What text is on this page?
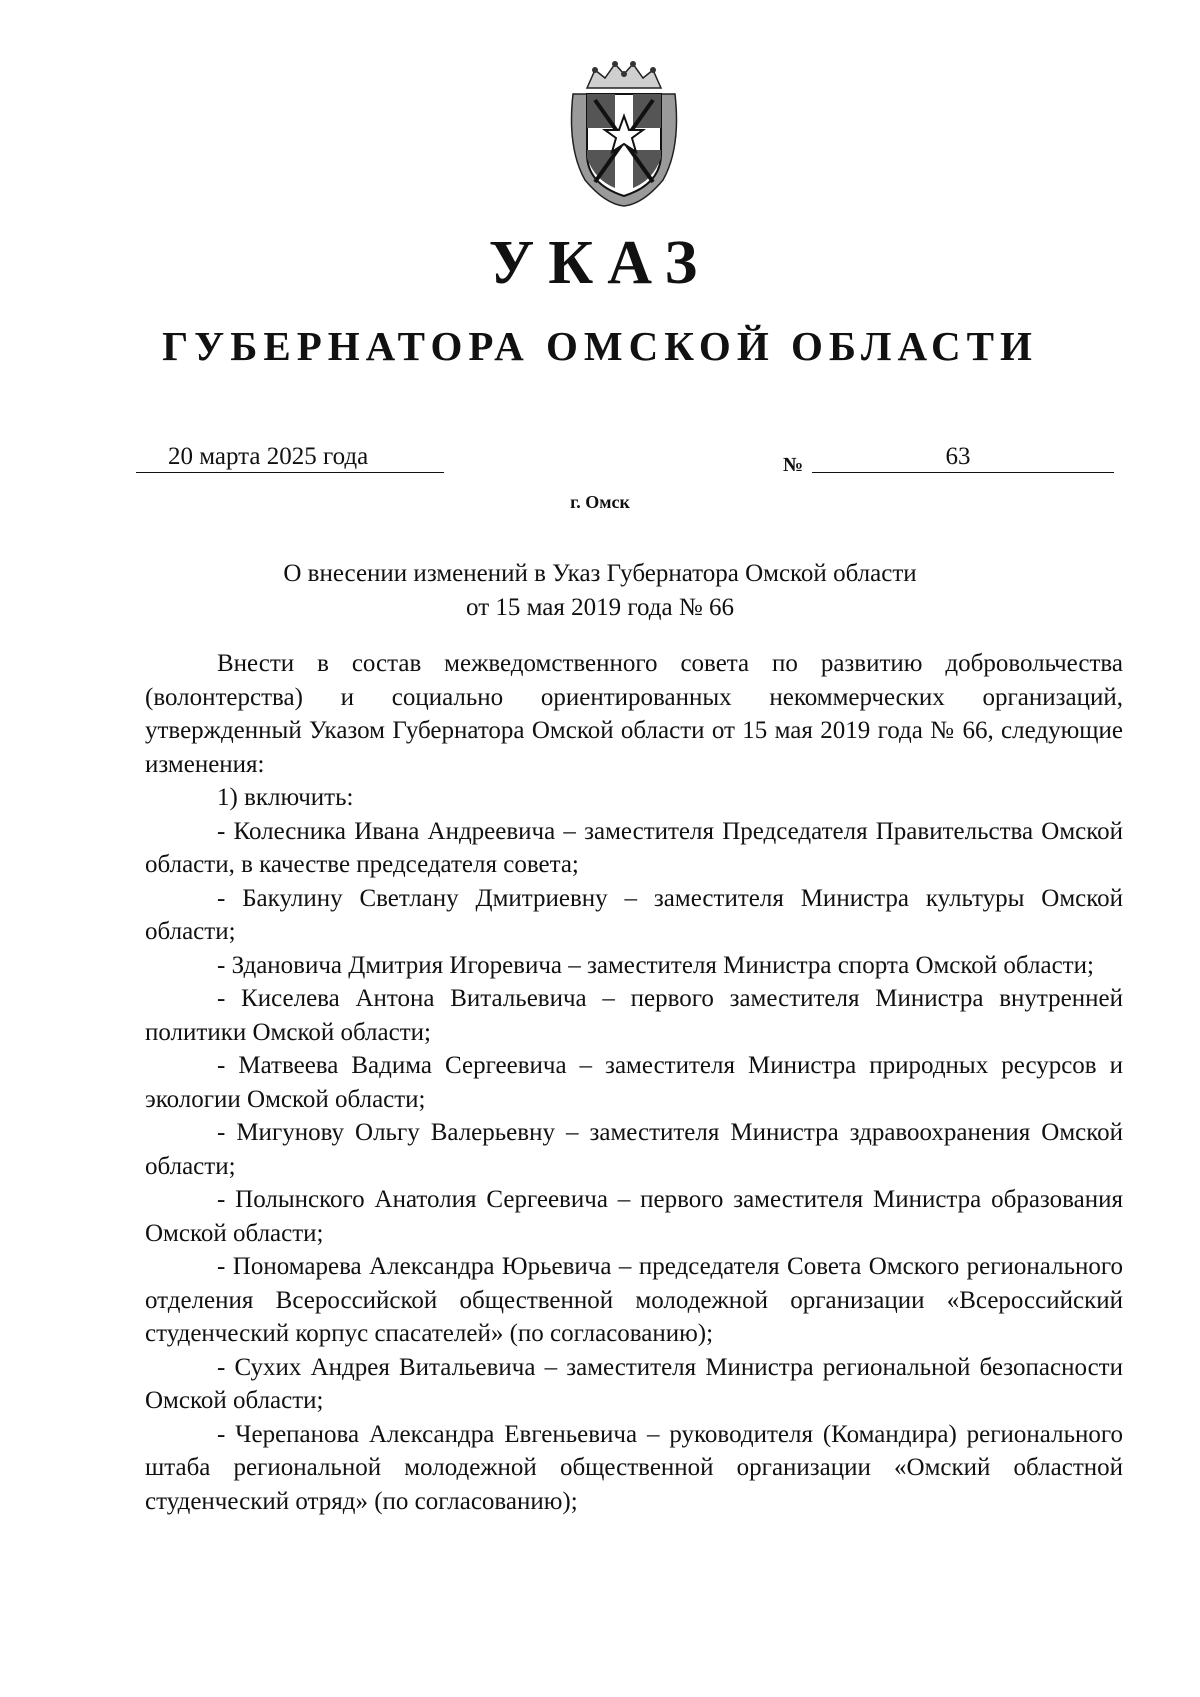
УКАЗ
ГУБЕРНАТОРА ОМСКОЙ ОБЛАСТИ
20 марта 2025 года	№	63
г. Омск
О внесении изменений в Указ Губернатора Омской области
от 15 мая 2019 года № 66

Внести в состав межведомственного совета по развитию добровольчества (волонтерства) и социально ориентированных некоммерческих организаций, утвержденный Указом Губернатора Омской области от 15 мая 2019 года № 66, следующие изменения:

1) включить:

- Колесника Ивана Андреевича – заместителя Председателя Правительства Омской области, в качестве председателя совета;

- Бакулину Светлану Дмитриевну – заместителя Министра культуры Омской области;

- Здановича Дмитрия Игоревича – заместителя Министра спорта Омской области;

- Киселева Антона Витальевича – первого заместителя Министра внутренней политики Омской области;

- Матвеева Вадима Сергеевича – заместителя Министра природных ресурсов и экологии Омской области;

- Мигунову Ольгу Валерьевну – заместителя Министра здравоохранения Омской области;

- Полынского Анатолия Сергеевича – первого заместителя Министра образования Омской области;

- Пономарева Александра Юрьевича – председателя Совета Омского регионального отделения Всероссийской общественной молодежной организации «Всероссийский студенческий корпус спасателей» (по согласованию);

- Сухих Андрея Витальевича – заместителя Министра региональной безопасности Омской области;

- Черепанова Александра Евгеньевича – руководителя (Командира) регионального штаба региональной молодежной общественной организации «Омский областной студенческий отряд» (по согласованию);
